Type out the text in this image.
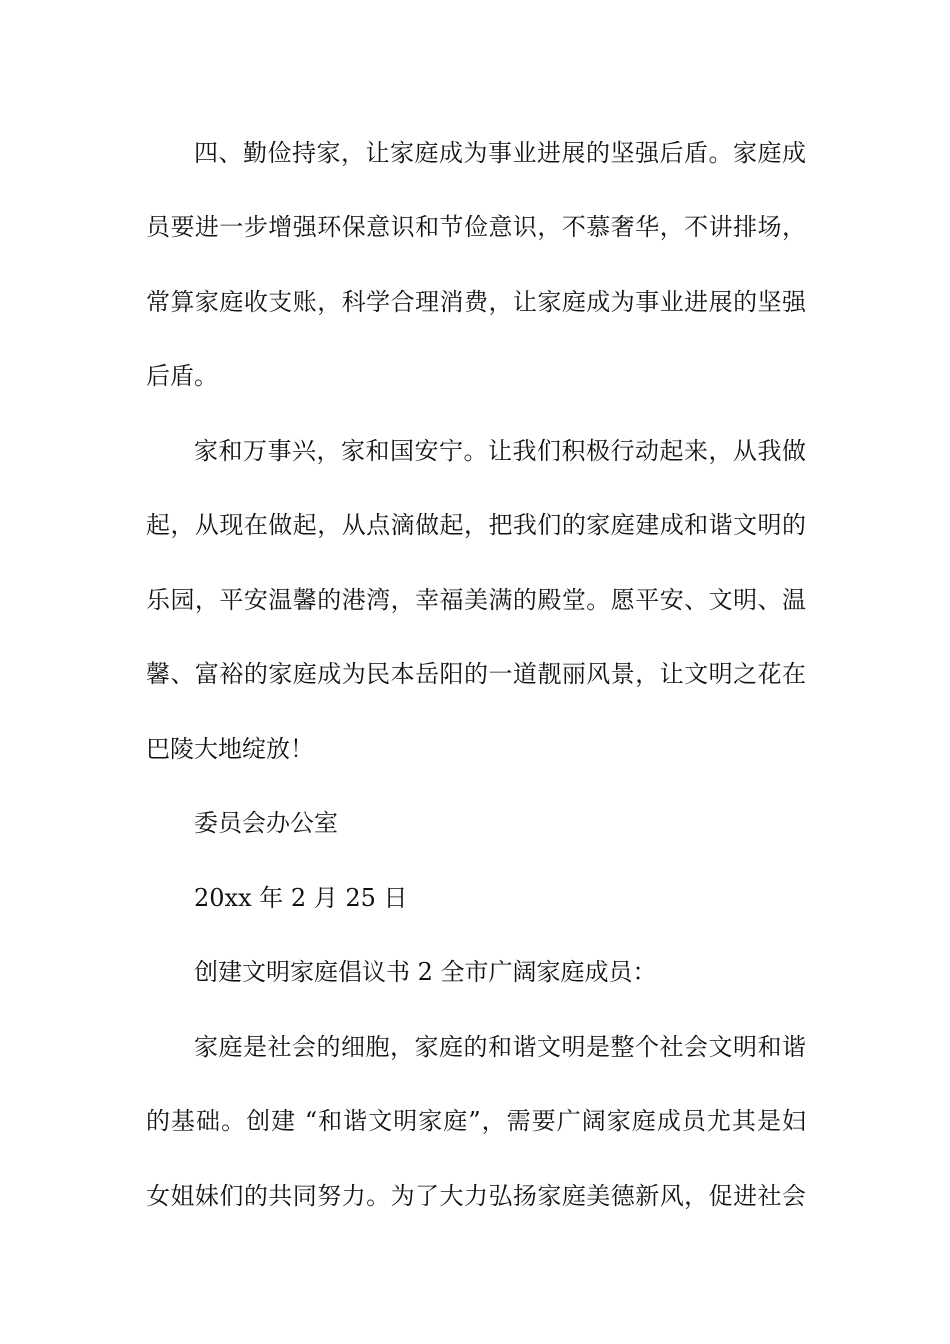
四、勤俭持家，让家庭成为事业进展的坚强后盾。家庭成
员要进一步增强环保意识和节俭意识，不慕奢华，不讲排场，
常算家庭收支账，科学合理消费，让家庭成为事业进展的坚强
后盾。
家和万事兴，家和国安宁。让我们积极行动起来，从我做
起，从现在做起，从点滴做起，把我们的家庭建成和谐文明的
乐园，平安温馨的港湾，幸福美满的殿堂。愿平安、文明、温
馨、富裕的家庭成为民本岳阳的一道靓丽风景，让文明之花在
巴陵大地绽放！
委员会办公室
20xx 年 2 月 25 日
创建文明家庭倡议书 2 全市广阔家庭成员：
家庭是社会的细胞，家庭的和谐文明是整个社会文明和谐
的基础。创建 “和谐文明家庭”，需要广阔家庭成员尤其是妇
女姐妹们的共同努力。为了大力弘扬家庭美德新风，促进社会
